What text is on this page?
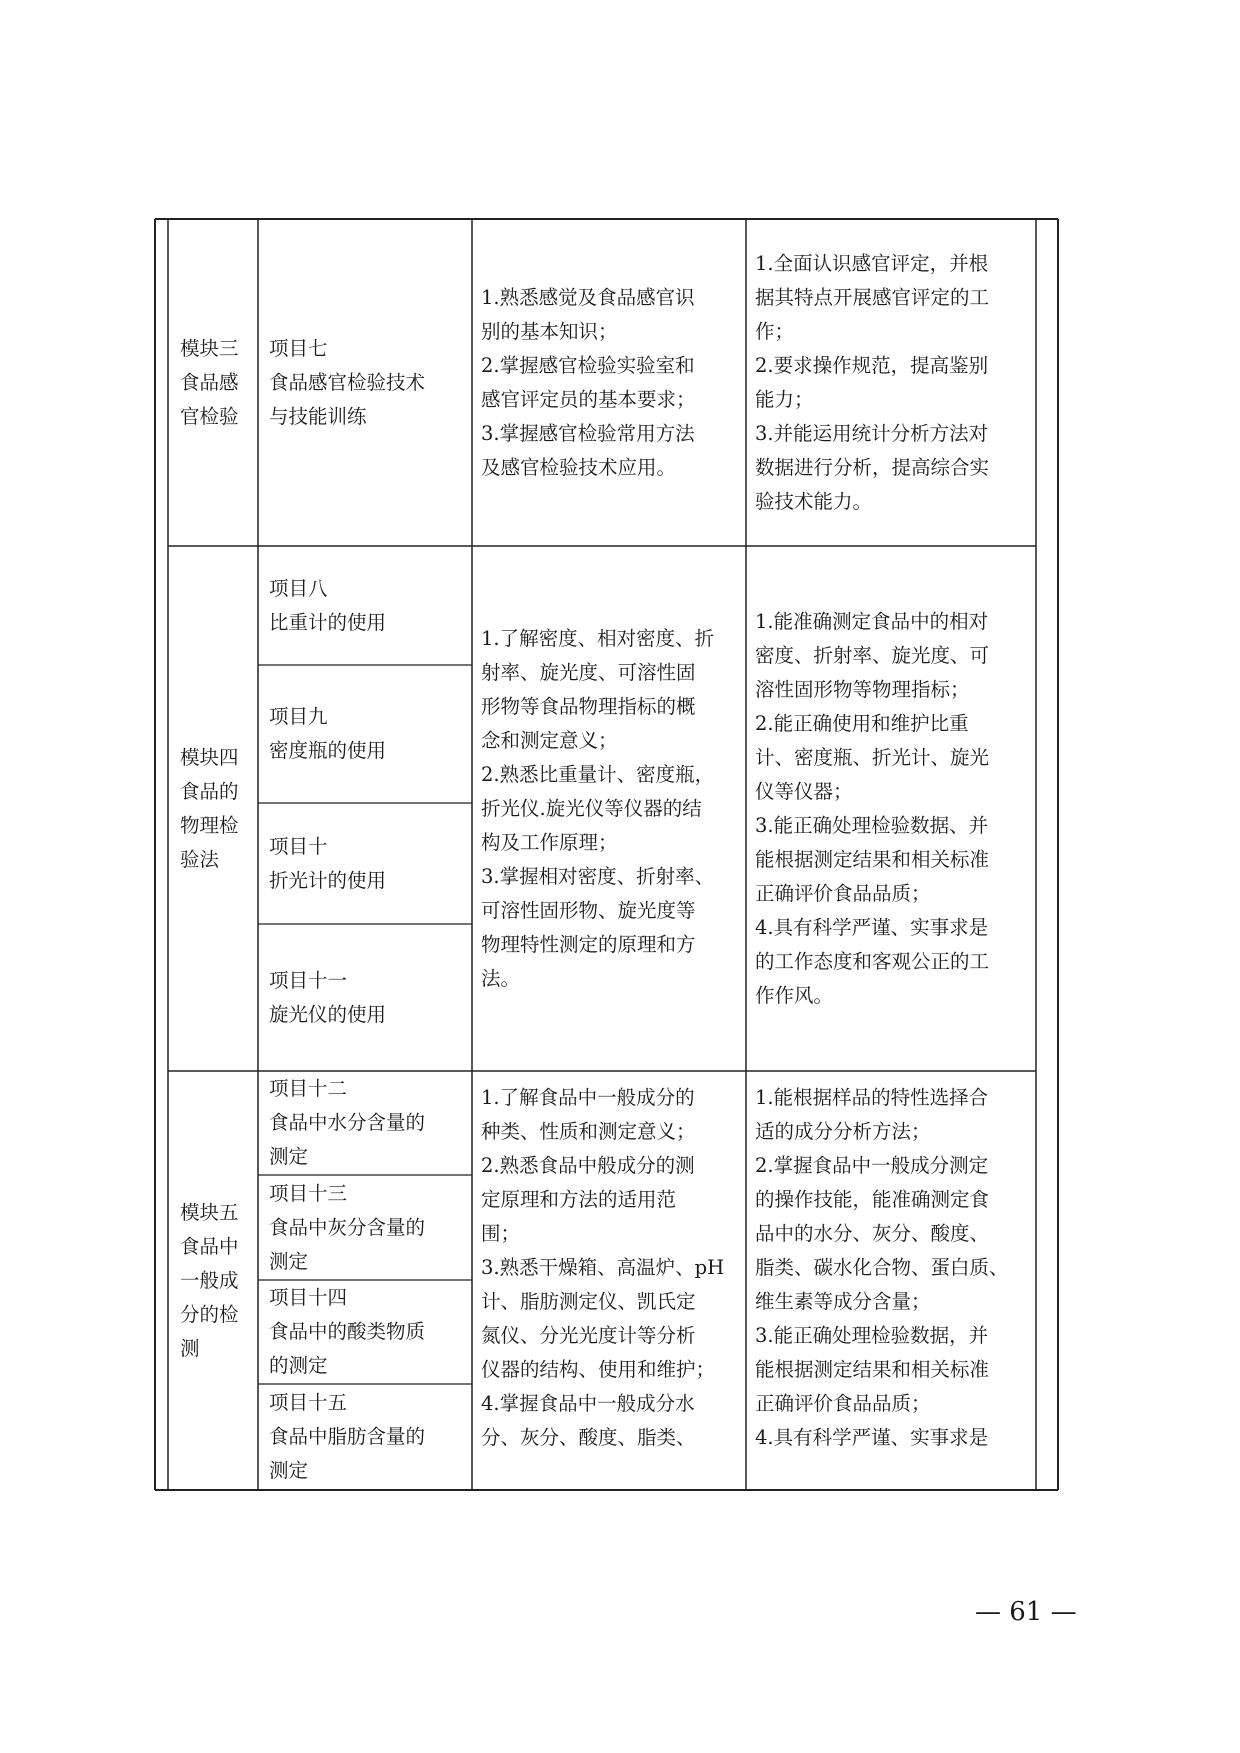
模块三
食品感
官检验
项目七
食品感官检验技术
与技能训练
1.熟悉感觉及食品感官识
别的基本知识；
2.掌握感官检验实验室和
感官评定员的基本要求；
3.掌握感官检验常用方法
及感官检验技术应用。
1.全面认识感官评定，并根
据其特点开展感官评定的工
作；
2.要求操作规范，提高鉴别
能力；
3.并能运用统计分析方法对
数据进行分析，提高综合实
验技术能力。
模块四
食品的
物理检
验法
项目八
比重计的使用
项目九
密度瓶的使用
项目十
折光计的使用
项目十一
旋光仪的使用
1.了解密度、相对密度、折
射率、旋光度、可溶性固
形物等食品物理指标的概
念和测定意义；
2.熟悉比重量计、密度瓶，
折光仪.旋光仪等仪器的结
构及工作原理；
3.掌握相对密度、折射率、
可溶性固形物、旋光度等
物理特性测定的原理和方
法。
1.能准确测定食品中的相对
密度、折射率、旋光度、可
溶性固形物等物理指标；
2.能正确使用和维护比重
计、密度瓶、折光计、旋光
仪等仪器；
3.能正确处理检验数据、并
能根据测定结果和相关标准
正确评价食品品质；
4.具有科学严谨、实事求是
的工作态度和客观公正的工
作作风。
模块五
食品中
一般成
分的检
测
项目十二
食品中水分含量的
测定
项目十三
食品中灰分含量的
测定
项目十四
食品中的酸类物质
的测定
项目十五
食品中脂肪含量的
测定
1.了解食品中一般成分的
种类、性质和测定意义；
2.熟悉食品中般成分的测
定原理和方法的适用范
围；
3.熟悉干燥箱、高温炉、pH
计、脂肪测定仪、凯氏定
氮仪、分光光度计等分析
仪器的结构、使用和维护；
4.掌握食品中一般成分水
分、灰分、酸度、脂类、
1.能根据样品的特性选择合
适的成分分析方法；
2.掌握食品中一般成分测定
的操作技能，能准确测定食
品中的水分、灰分、酸度、
脂类、碳水化合物、蛋白质、
维生素等成分含量；
3.能正确处理检验数据，并
能根据测定结果和相关标准
正确评价食品品质；
4.具有科学严谨、实事求是
— 61 —
